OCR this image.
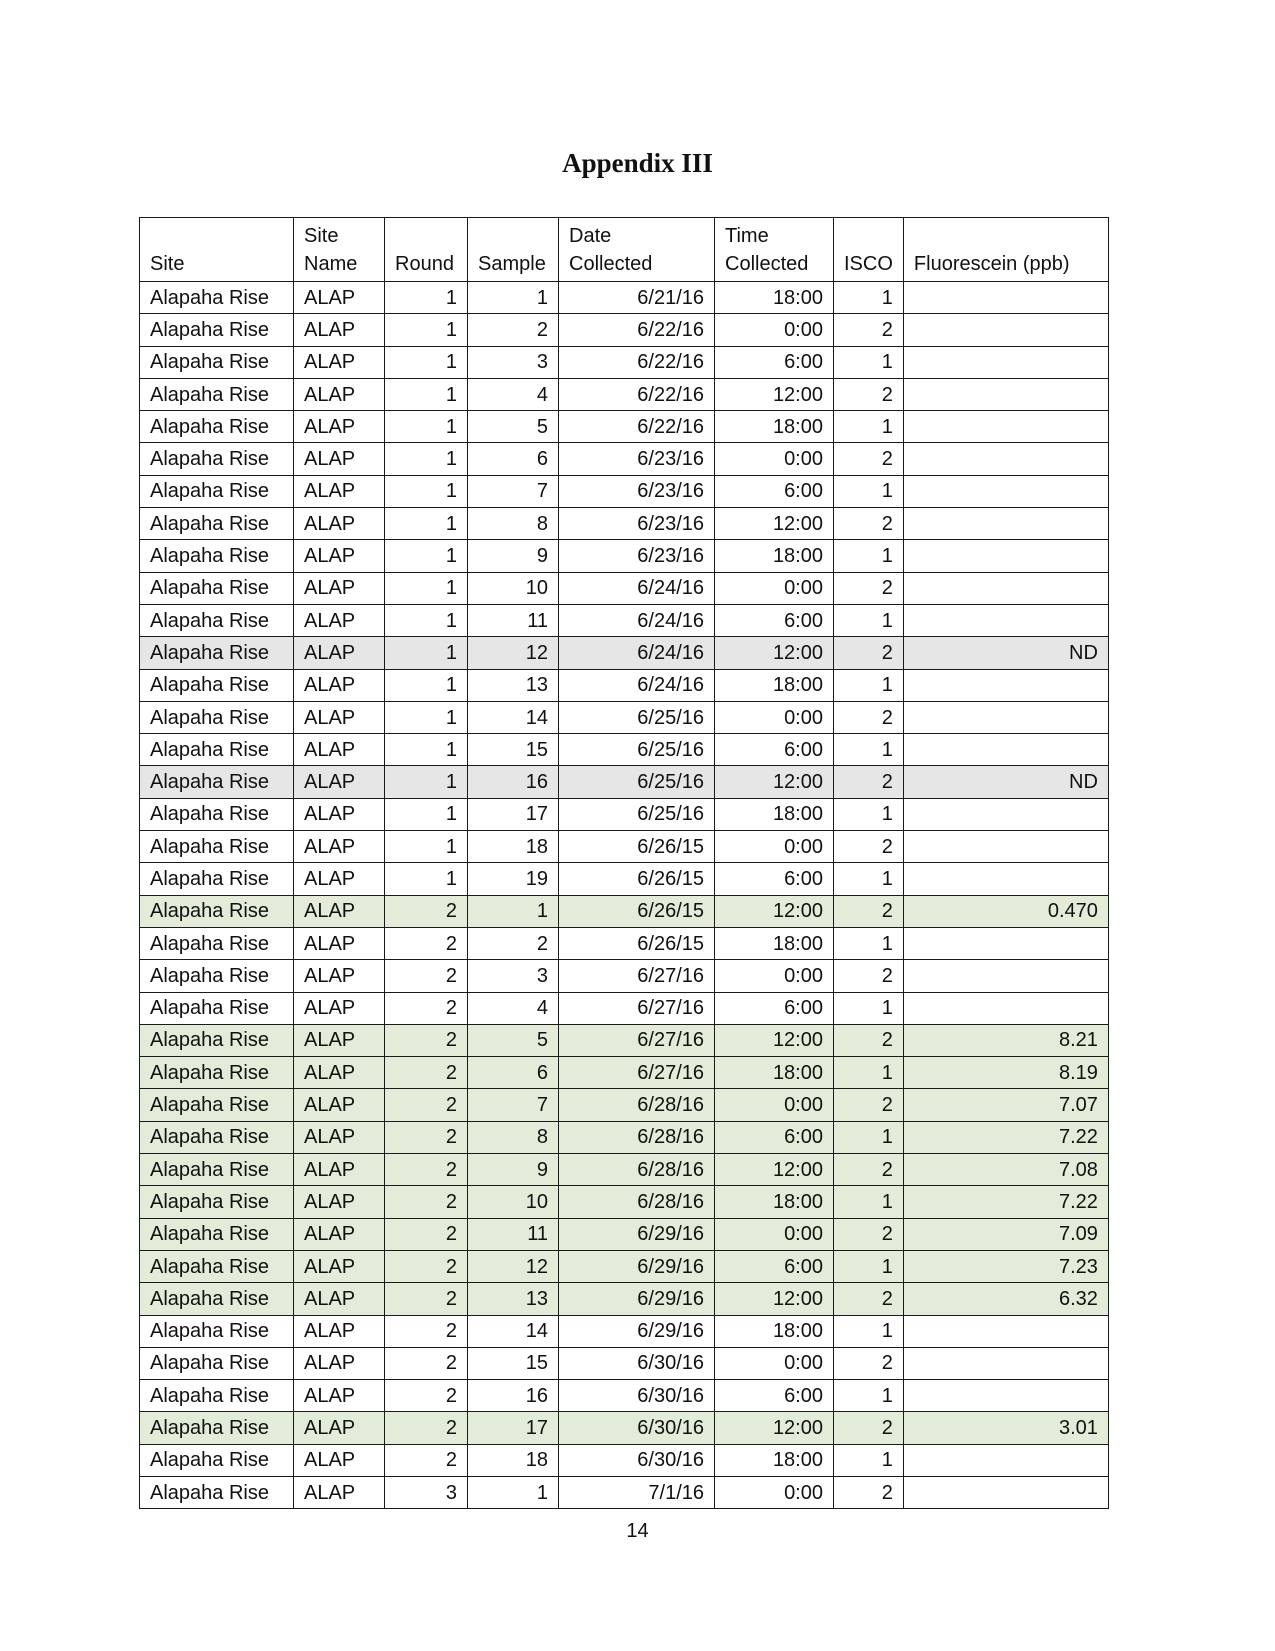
Appendix III
Site	Site Name	Round	Sample	Date Collected	Time Collected	ISCO	Fluorescein (ppb)
Alapaha Rise	ALAP	1	1	6/21/16	18:00	1	
Alapaha Rise	ALAP	1	2	6/22/16	0:00	2	
Alapaha Rise	ALAP	1	3	6/22/16	6:00	1	
Alapaha Rise	ALAP	1	4	6/22/16	12:00	2	
Alapaha Rise	ALAP	1	5	6/22/16	18:00	1	
Alapaha Rise	ALAP	1	6	6/23/16	0:00	2	
Alapaha Rise	ALAP	1	7	6/23/16	6:00	1	
Alapaha Rise	ALAP	1	8	6/23/16	12:00	2	
Alapaha Rise	ALAP	1	9	6/23/16	18:00	1	
Alapaha Rise	ALAP	1	10	6/24/16	0:00	2	
Alapaha Rise	ALAP	1	11	6/24/16	6:00	1	
Alapaha Rise	ALAP	1	12	6/24/16	12:00	2	ND
Alapaha Rise	ALAP	1	13	6/24/16	18:00	1	
Alapaha Rise	ALAP	1	14	6/25/16	0:00	2	
Alapaha Rise	ALAP	1	15	6/25/16	6:00	1	
Alapaha Rise	ALAP	1	16	6/25/16	12:00	2	ND
Alapaha Rise	ALAP	1	17	6/25/16	18:00	1	
Alapaha Rise	ALAP	1	18	6/26/15	0:00	2	
Alapaha Rise	ALAP	1	19	6/26/15	6:00	1	
Alapaha Rise	ALAP	2	1	6/26/15	12:00	2	0.470
Alapaha Rise	ALAP	2	2	6/26/15	18:00	1	
Alapaha Rise	ALAP	2	3	6/27/16	0:00	2	
Alapaha Rise	ALAP	2	4	6/27/16	6:00	1	
Alapaha Rise	ALAP	2	5	6/27/16	12:00	2	8.21
Alapaha Rise	ALAP	2	6	6/27/16	18:00	1	8.19
Alapaha Rise	ALAP	2	7	6/28/16	0:00	2	7.07
Alapaha Rise	ALAP	2	8	6/28/16	6:00	1	7.22
Alapaha Rise	ALAP	2	9	6/28/16	12:00	2	7.08
Alapaha Rise	ALAP	2	10	6/28/16	18:00	1	7.22
Alapaha Rise	ALAP	2	11	6/29/16	0:00	2	7.09
Alapaha Rise	ALAP	2	12	6/29/16	6:00	1	7.23
Alapaha Rise	ALAP	2	13	6/29/16	12:00	2	6.32
Alapaha Rise	ALAP	2	14	6/29/16	18:00	1	
Alapaha Rise	ALAP	2	15	6/30/16	0:00	2	
Alapaha Rise	ALAP	2	16	6/30/16	6:00	1	
Alapaha Rise	ALAP	2	17	6/30/16	12:00	2	3.01
Alapaha Rise	ALAP	2	18	6/30/16	18:00	1	
Alapaha Rise	ALAP	3	1	7/1/16	0:00	2	
14
